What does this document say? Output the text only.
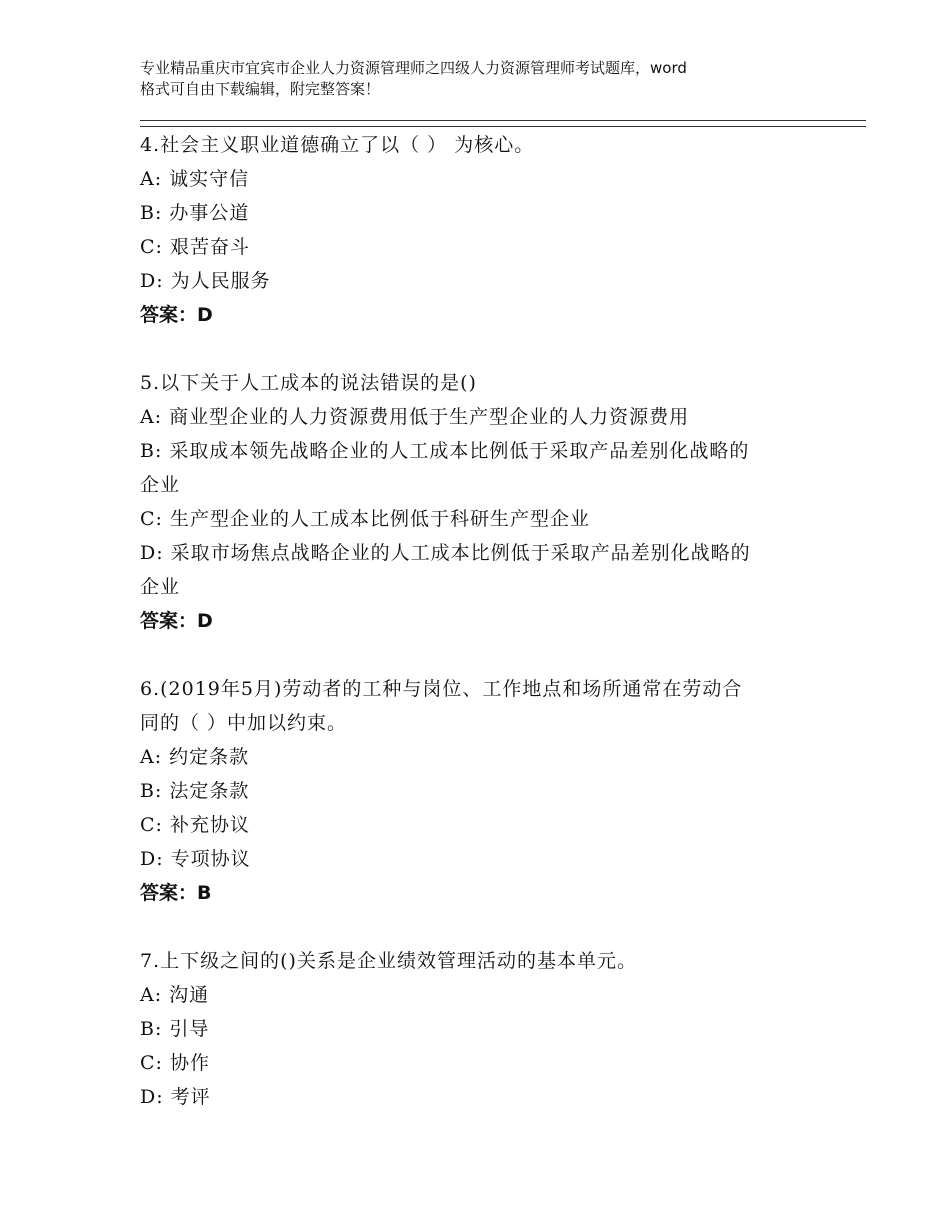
专业精品重庆市宜宾市企业人力资源管理师之四级人力资源管理师考试题库，word
格式可自由下载编辑，附完整答案！

4.社会主义职业道德确立了以（ ） 为核心。

A: 诚实守信

B: 办事公道

C: 艰苦奋斗

D: 为人民服务

答案：D

5.以下关于人工成本的说法错误的是()

A: 商业型企业的人力资源费用低于生产型企业的人力资源费用

B: 采取成本领先战略企业的人工成本比例低于采取产品差别化战略的

企业

C: 生产型企业的人工成本比例低于科研生产型企业

D: 采取市场焦点战略企业的人工成本比例低于采取产品差别化战略的

企业

答案：D

6.(2019年5月)劳动者的工种与岗位、工作地点和场所通常在劳动合

同的（ ）中加以约束。

A: 约定条款

B: 法定条款

C: 补充协议

D: 专项协议

答案：B

7.上下级之间的()关系是企业绩效管理活动的基本单元。

A: 沟通

B: 引导

C: 协作

D: 考评
